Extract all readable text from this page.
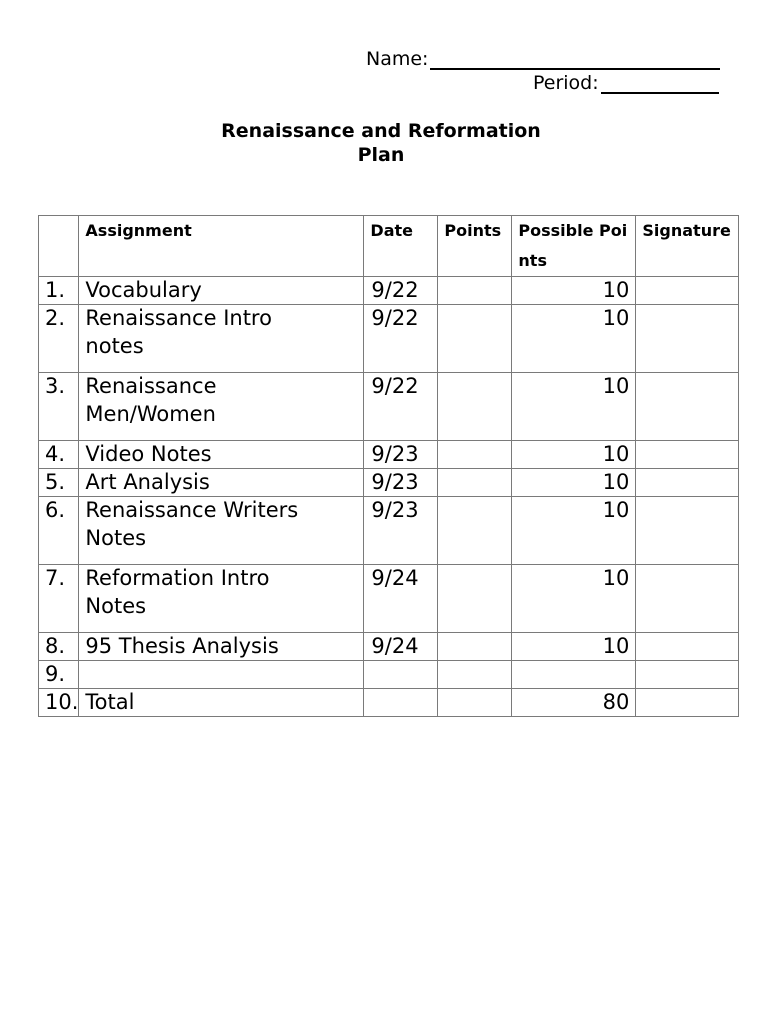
Name:
Period:
Renaissance and Reformation
Plan
	Assignment	Date	Points	Possible Points	Signature
1.	Vocabulary	9/22		10	
2.	Renaissance Intro
notes	9/22		10	
3.	Renaissance
Men/Women	9/22		10	
4.	Video Notes	9/23		10	
5.	Art Analysis	9/23		10	
6.	Renaissance Writers
Notes	9/23		10	
7.	Reformation Intro
Notes	9/24		10	
8.	95 Thesis Analysis	9/24		10	
9.					
10.	Total			80	
